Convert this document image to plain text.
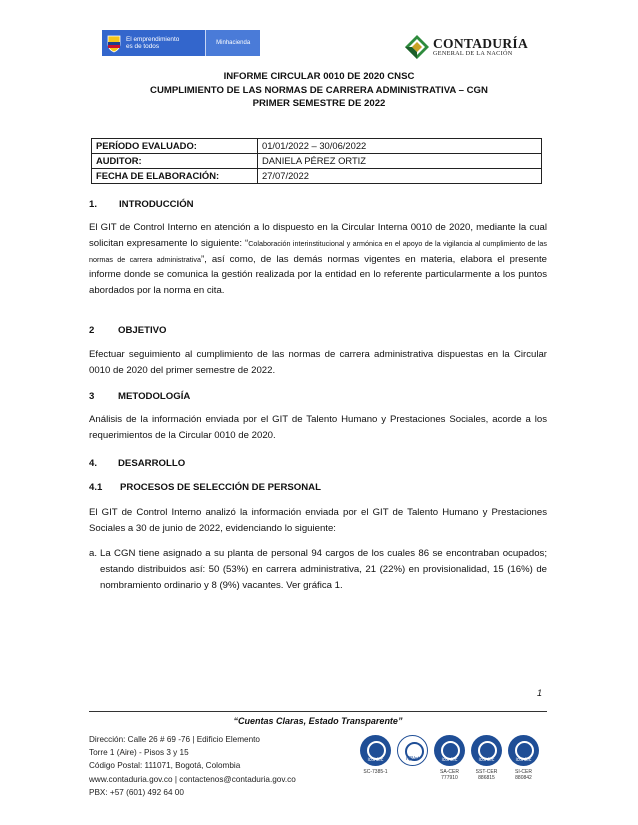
El emprendimiento
es de todos	Minhacienda	CONTADURÍA
GENERAL DE LA NACIÓN
INFORME CIRCULAR 0010 DE 2020 CNSC
CUMPLIMIENTO DE LAS NORMAS DE CARRERA ADMINISTRATIVA – CGN
PRIMER SEMESTRE DE 2022
PERÍODO EVALUADO:	01/01/2022 – 30/06/2022
AUDITOR:	DANIELA PÉREZ ORTIZ
FECHA DE ELABORACIÓN:	27/07/2022
1. INTRODUCCIÓN
El GIT de Control Interno en atención a lo dispuesto en la Circular Interna 0010 de 2020, mediante la cual solicitan expresamente lo siguiente: “Colaboración interinstitucional y armónica en el apoyo de la vigilancia al cumplimiento de las normas de carrera administrativa”, así como, de las demás normas vigentes en materia, elabora el presente informe donde se comunica la gestión realizada por la entidad en lo referente particularmente a los puntos abordados por la norma en cita.
2 OBJETIVO
Efectuar seguimiento al cumplimiento de las normas de carrera administrativa dispuestas en la Circular 0010 de 2020 del primer semestre de 2022.
3 METODOLOGÍA
Análisis de la información enviada por el GIT de Talento Humano y Prestaciones Sociales, acorde a los requerimientos de la Circular 0010 de 2020.
4. DESARROLLO
4.1 PROCESOS DE SELECCIÓN DE PERSONAL
El GIT de Control Interno analizó la información enviada por el GIT de Talento Humano y Prestaciones Sociales a 30 de junio de 2022, evidenciando lo siguiente:
a. La CGN tiene asignado a su planta de personal 94 cargos de los cuales 86 se encontraban ocupados; estando distribuidos así: 50 (53%) en carrera administrativa, 21 (22%) en provisionalidad, 15 (16%) de nombramiento ordinario y 8 (9%) vacantes. Ver gráfica 1.
1
“Cuentas Claras, Estado Transparente”
Dirección: Calle 26 # 69 -76 | Edificio Elemento
Torre 1 (Aire) - Pisos 3 y 15
Código Postal: 111071, Bogotá, Colombia
www.contaduria.gov.co | contactenos@contaduria.gov.co
PBX: +57 (601) 492 64 00
icontec
SC-7385-1
IQNet	icontec
SA-CER 777910
icontec
SST-CER 886815
icontec
SI-CER 880842
